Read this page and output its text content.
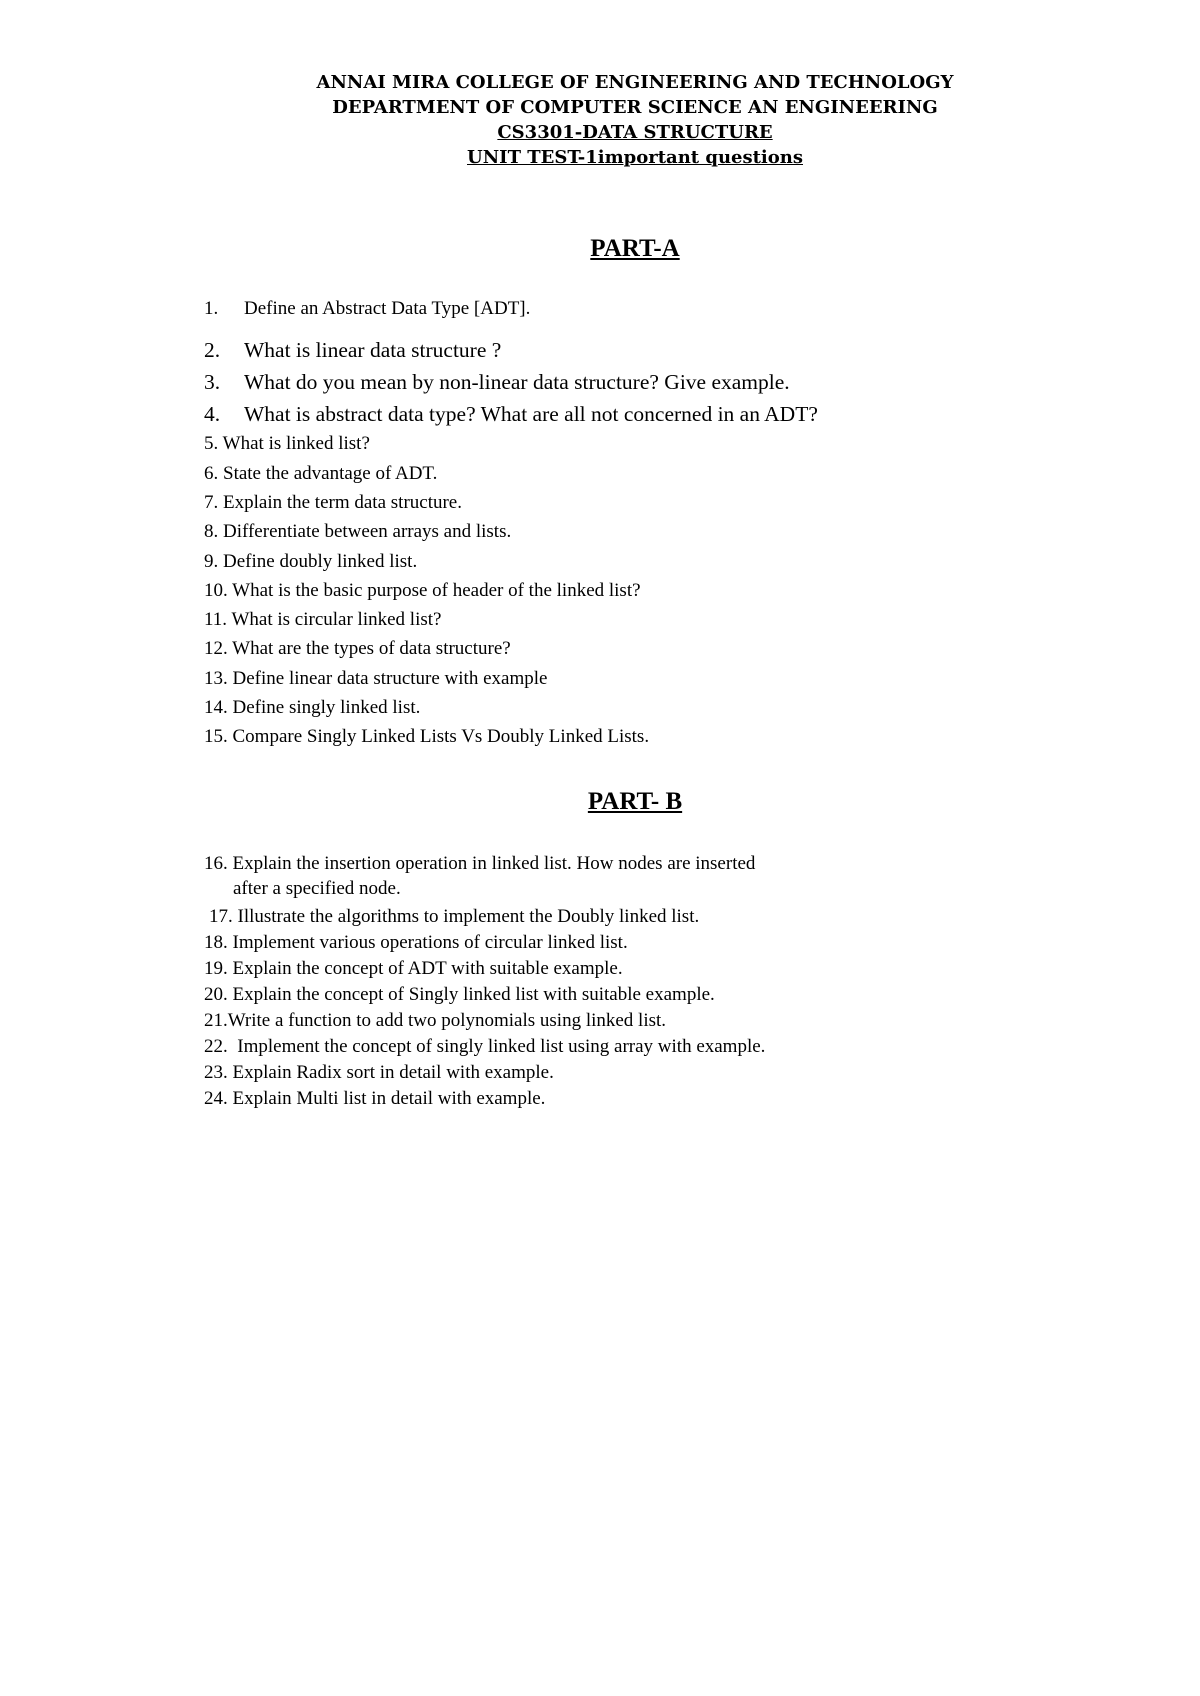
ANNAI MIRA COLLEGE OF ENGINEERING AND TECHNOLOGY
DEPARTMENT OF COMPUTER SCIENCE AN ENGINEERING
CS3301-DATA STRUCTURE
UNIT TEST-1important questions
PART-A
1. Define an Abstract Data Type [ADT].
2. What is linear data structure ?
3. What do you mean by non-linear data structure? Give example.
4. What is abstract data type? What are all not concerned in an ADT?
5. What is linked list?
6. State the advantage of ADT.
7. Explain the term data structure.
8. Differentiate between arrays and lists.
9. Define doubly linked list.
10. What is the basic purpose of header of the linked list?
11. What is circular linked list?
12. What are the types of data structure?
13. Define linear data structure with example
14. Define singly linked list.
15. Compare Singly Linked Lists Vs Doubly Linked Lists.
PART- B
16. Explain the insertion operation in linked list. How nodes are inserted
after a specified node.
17. Illustrate the algorithms to implement the Doubly linked list.
18. Implement various operations of circular linked list.
19. Explain the concept of ADT with suitable example.
20. Explain the concept of Singly linked list with suitable example.
21.Write a function to add two polynomials using linked list.
22. Implement the concept of singly linked list using array with example.
23. Explain Radix sort in detail with example.
24. Explain Multi list in detail with example.
